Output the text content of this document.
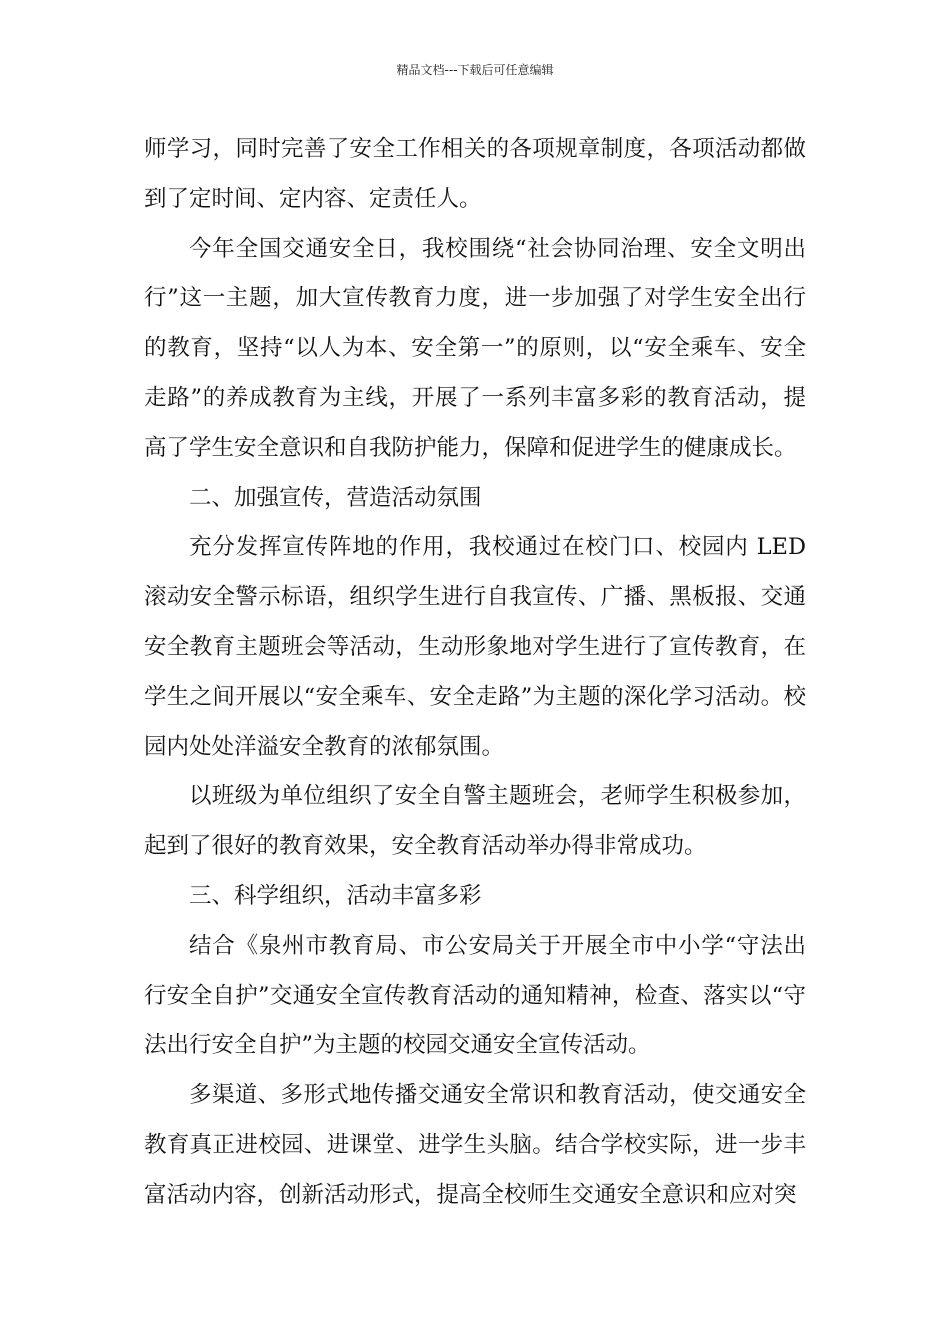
精品文档---下载后可任意编辑

师学习，同时完善了安全工作相关的各项规章制度，各项活动都做到了定时间、定内容、定责任人。

今年全国交通安全日，我校围绕“社会协同治理、安全文明出行”这一主题，加大宣传教育力度，进一步加强了对学生安全出行的教育，坚持“以人为本、安全第一”的原则，以“安全乘车、安全走路”的养成教育为主线，开展了一系列丰富多彩的教育活动，提高了学生安全意识和自我防护能力，保障和促进学生的健康成长。

二、加强宣传，营造活动氛围

充分发挥宣传阵地的作用，我校通过在校门口、校园内 LED 滚动安全警示标语，组织学生进行自我宣传、广播、黑板报、交通安全教育主题班会等活动，生动形象地对学生进行了宣传教育，在学生之间开展以“安全乘车、安全走路”为主题的深化学习活动。校园内处处洋溢安全教育的浓郁氛围。

以班级为单位组织了安全自警主题班会，老师学生积极参加，起到了很好的教育效果，安全教育活动举办得非常成功。

三、科学组织，活动丰富多彩

结合《泉州市教育局、市公安局关于开展全市中小学“守法出行安全自护”交通安全宣传教育活动的通知精神，检查、落实以“守法出行安全自护”为主题的校园交通安全宣传活动。

多渠道、多形式地传播交通安全常识和教育活动，使交通安全教育真正进校园、进课堂、进学生头脑。结合学校实际，进一步丰富活动内容，创新活动形式，提高全校师生交通安全意识和应对突
